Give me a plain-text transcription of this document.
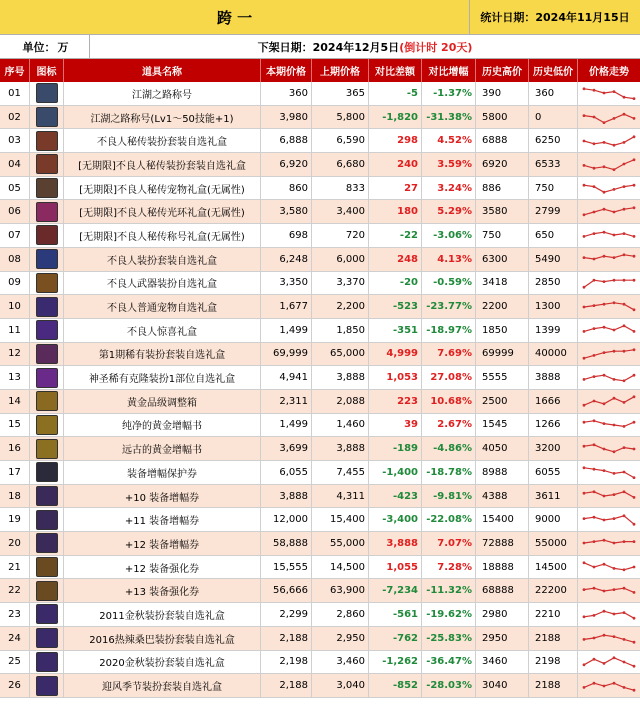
跨 一	统计日期： 2024年11月15日
单位： 万	下架日期： 2024年12月5日 (倒计时 20天)
序号	图标	道具名称	本期价格	上期价格	对比差额	对比增幅	历史高价	历史低价	价格走势
01	江湖之路称号	360	365	-5	-1.37%	390	360
02	江湖之路称号(Lv1～50技能+1)	3,980	5,800	-1,820 -31.38%	5800	0
03	不良人秘传装扮套装自选礼盒	6,888	6,590	298	4.52%	6888	6250
04	[无期限]不良人秘传装扮套装自选礼盒	6,920	6,680	240	3.59%	6920	6533
05	[无期限]不良人秘传宠物礼盒(无属性)	860	833	27	3.24%	886	750
06	[无期限]不良人秘传光环礼盒(无属性)	3,580	3,400	180	5.29%	3580	2799
07	[无期限]不良人秘传称号礼盒(无属性)	698	720	-22	-3.06%	750	650
08	不良人装扮套装自选礼盒	6,248	6,000	248	4.13%	6300	5490
09	不良人武器装扮自选礼盒	3,350	3,370	-20	-0.59%	3418	2850
10	不良人普通宠物自选礼盒	1,677	2,200	-523 -23.77%	2200	1300
11	不良人惊喜礼盒	1,499	1,850	-351 -18.97%	1850	1399
12	第1期稀有装扮套装自选礼盒	69,999	65,000	4,999	7.69%	69999	40000
13	神圣稀有克隆装扮1部位自选礼盒	4,941	3,888	1,053	27.08%	5555	3888
14	黄金品级调整箱	2,311	2,088	223	10.68%	2500	1666
15	纯净的黄金增幅书	1,499	1,460	39	2.67%	1545	1266
16	远古的黄金增幅书	3,699	3,888	-189	-4.86%	4050	3200
17	装备增幅保护券	6,055	7,455	-1,400 -18.78%	8988	6055
18	+10 装备增幅券	3,888	4,311	-423	-9.81%	4388	3611
19	+11 装备增幅券	12,000	15,400	-3,400 -22.08%	15400	9000
20	+12 装备增幅券	58,888	55,000	3,888	7.07%	72888	55000
21	+12 装备强化券	15,555	14,500	1,055	7.28%	18888	14500
22	+13 装备强化券	56,666	63,900	-7,234 -11.32%	68888	22200
23	2011金秋装扮套装自选礼盒	2,299	2,860	-561 -19.62%	2980	2210
24	2016热辣桑巴装扮套装自选礼盒	2,188	2,950	-762 -25.83%	2950	2188
25	2020金秋装扮套装自选礼盒	2,198	3,460	-1,262 -36.47%	3460	2198
26	迎风季节装扮套装自选礼盒	2,188	3,040	-852 -28.03%	3040	2188
